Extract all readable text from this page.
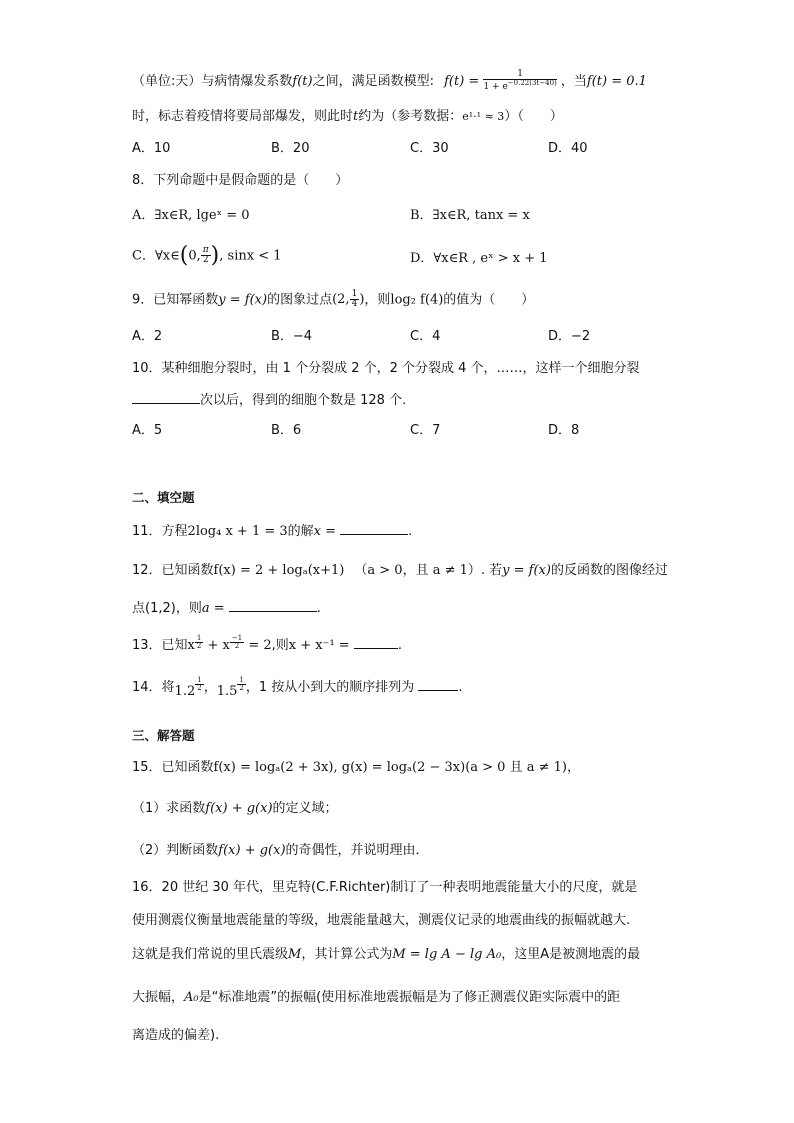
（单位:天）与病情爆发系数f(t)之间，满足函数模型: $f(t) = \frac{1}{1 + e^{-0.22(3t-40)}}$ ，当f(t) = 0.1
时，标志着疫情将要局部爆发，则此时t约为（参考数据：e¹·¹ ≈ 3）（　　）
A．10	B．20	C．30	D．40
8．下列命题中是假命题的是（　　）
A．∃x∈R, lgeˣ = 0	B．∃x∈R, tanx = x
C．∀x∈(0, $\frac{\pi}{2}$ ), sinx < 1	D．∀x∈R , eˣ > x + 1
9．已知幂函数y = f(x)的图象过点(2, $\frac{1}{4}$ )，则log₂ f(4)的值为（　　）
A．2	B．−4	C．4	D．−2
10．某种细胞分裂时，由 1 个分裂成 2 个，2 个分裂成 4 个，……，这样一个细胞分裂
次以后，得到的细胞个数是 128 个.
A．5	B．6	C．7	D．8
二、填空题
11．方程2log₄ x + 1 = 3的解x =	.
12．已知函数f(x) = 2 + logₐ(x+1) （a > 0，且 a ≠ 1）. 若y = f(x)的反函数的图像经过
点(1,2)，则a =	.
13．已知x $\frac{1}{2} + x \frac{-1}{2} = 2$,则x + x⁻¹ =	.
14．将$1.2 \frac{1}{2}$ ，$1.5 \frac{1}{2}$ ，1 按从小到大的顺序排列为	.
三、解答题
15．已知函数f(x) = logₐ(2 + 3x), g(x) = logₐ(2 − 3x)(a > 0 且 a ≠ 1)，
（1）求函数f(x) + g(x)的定义域；
（2）判断函数f(x) + g(x)的奇偶性，并说明理由．
16．20 世纪 30 年代，里克特(C.F.Richter)制订了一种表明地震能量大小的尺度，就是
使用测震仪衡量地震能量的等级，地震能量越大，测震仪记录的地震曲线的振幅就越大.
这就是我们常说的里氏震级M，其计算公式为M = lg A − lg A₀，这里A是被测地震的最
大振幅，A₀是“标准地震”的振幅(使用标准地震振幅是为了修正测震仪距实际震中的距
离造成的偏差).
